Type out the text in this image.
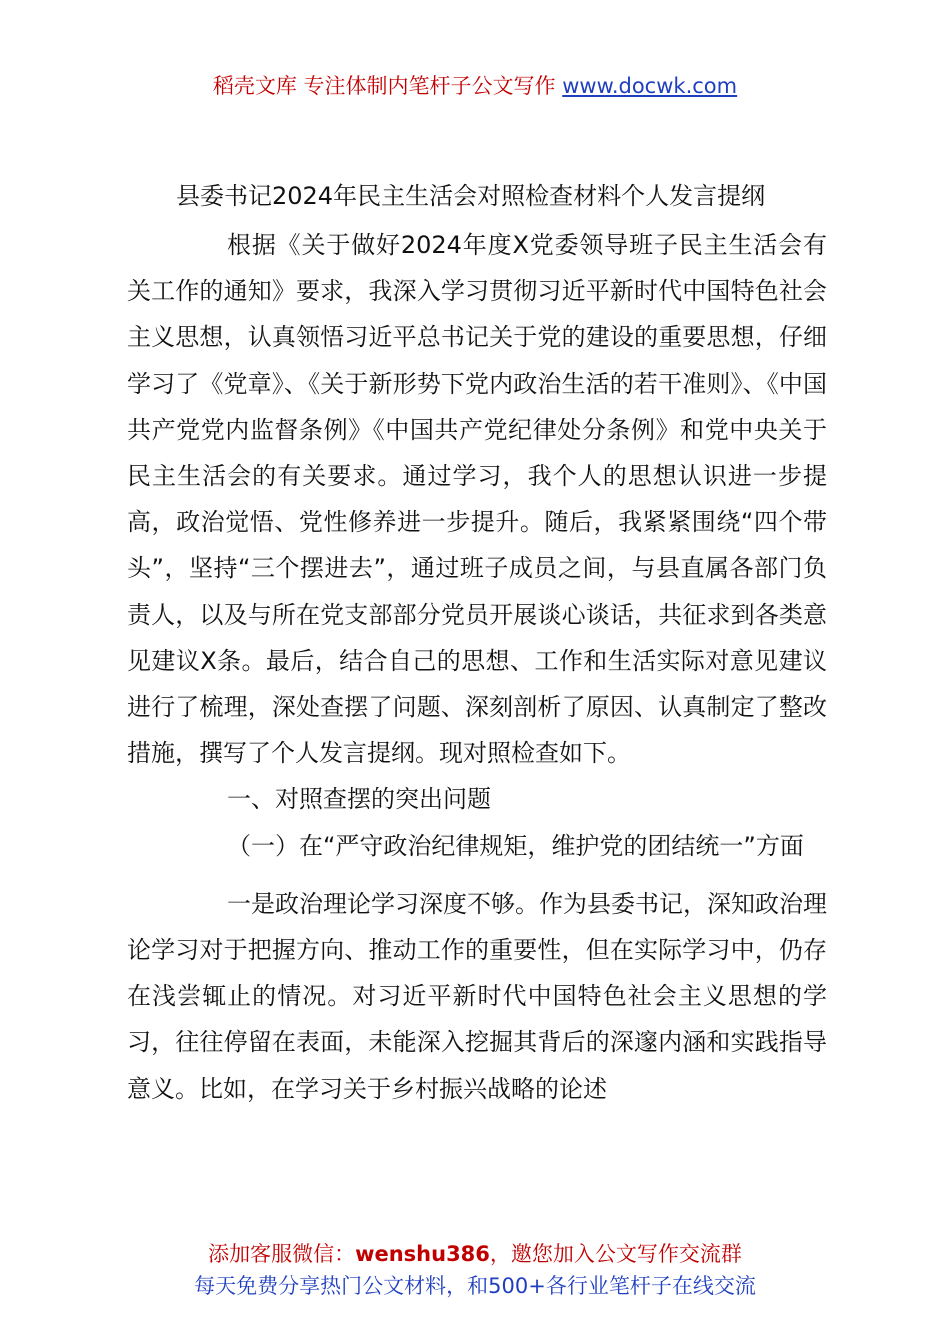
稻壳文库 专注体制内笔杆子公文写作 www.docwk.com
县委书记2024年民主生活会对照检查材料个人发言提纲

根据《关于做好2024年度X党委领导班子民主生活会有关工作的通知》要求，我深入学习贯彻习近平新时代中国特色社会主义思想，认真领悟习近平总书记关于党的建设的重要思想，仔细学习了《党章》、《关于新形势下党内政治生活的若干准则》、《中国共产党党内监督条例》《中国共产党纪律处分条例》和党中央关于民主生活会的有关要求。通过学习，我个人的思想认识进一步提高，政治觉悟、党性修养进一步提升。随后，我紧紧围绕“四个带头”，坚持“三个摆进去”，通过班子成员之间，与县直属各部门负责人，以及与所在党支部部分党员开展谈心谈话，共征求到各类意见建议X条。最后，结合自己的思想、工作和生活实际对意见建议进行了梳理，深处查摆了问题、深刻剖析了原因、认真制定了整改措施，撰写了个人发言提纲。现对照检查如下。

一、对照查摆的突出问题

（一）在“严守政治纪律规矩，维护党的团结统一”方面

一是政治理论学习深度不够。作为县委书记，深知政治理论学习对于把握方向、推动工作的重要性，但在实际学习中，仍存在浅尝辄止的情况。对习近平新时代中国特色社会主义思想的学习，往往停留在表面，未能深入挖掘其背后的深邃内涵和实践指导意义。比如，在学习关于乡村振兴战略的论述

添加客服微信：wenshu386，邀您加入公文写作交流群
每天免费分享热门公文材料，和500+各行业笔杆子在线交流
